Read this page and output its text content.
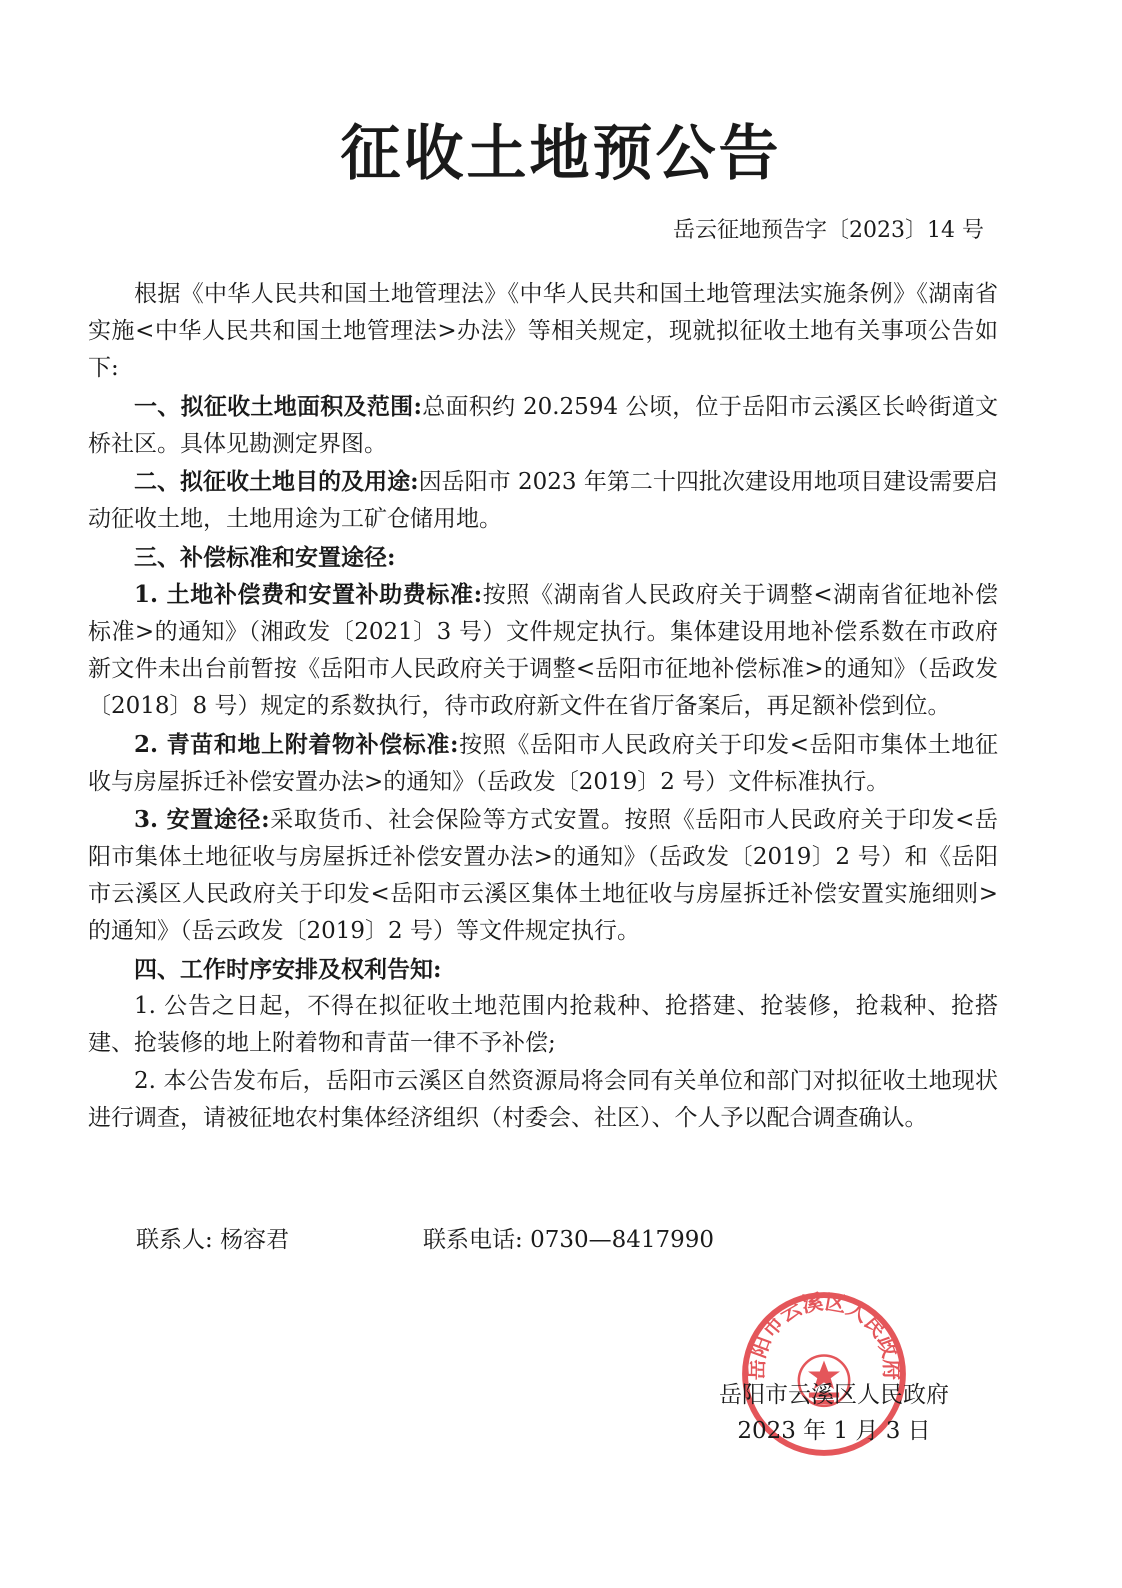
征收土地预公告
岳云征地预告字〔2023〕14 号

根据《中华人民共和国土地管理法》《中华人民共和国土地管理法实施条例》《湖南省实施<中华人民共和国土地管理法>办法》等相关规定，现就拟征收土地有关事项公告如下:

一、拟征收土地面积及范围:总面积约 20.2594 公顷，位于岳阳市云溪区长岭街道文桥社区。具体见勘测定界图。

二、拟征收土地目的及用途:因岳阳市 2023 年第二十四批次建设用地项目建设需要启动征收土地，土地用途为工矿仓储用地。

三、补偿标准和安置途径:

1. 土地补偿费和安置补助费标准:按照《湖南省人民政府关于调整<湖南省征地补偿标准>的通知》（湘政发〔2021〕3 号）文件规定执行。集体建设用地补偿系数在市政府新文件未出台前暂按《岳阳市人民政府关于调整<岳阳市征地补偿标准>的通知》（岳政发〔2018〕8 号）规定的系数执行，待市政府新文件在省厅备案后，再足额补偿到位。

2. 青苗和地上附着物补偿标准:按照《岳阳市人民政府关于印发<岳阳市集体土地征收与房屋拆迁补偿安置办法>的通知》（岳政发〔2019〕2 号）文件标准执行。

3. 安置途径:采取货币、社会保险等方式安置。按照《岳阳市人民政府关于印发<岳阳市集体土地征收与房屋拆迁补偿安置办法>的通知》（岳政发〔2019〕2 号）和《岳阳市云溪区人民政府关于印发<岳阳市云溪区集体土地征收与房屋拆迁补偿安置实施细则>的通知》（岳云政发〔2019〕2 号）等文件规定执行。

四、工作时序安排及权利告知:

1. 公告之日起，不得在拟征收土地范围内抢栽种、抢搭建、抢装修，抢栽种、抢搭建、抢装修的地上附着物和青苗一律不予补偿;

2. 本公告发布后，岳阳市云溪区自然资源局将会同有关单位和部门对拟征收土地现状进行调查，请被征地农村集体经济组织（村委会、社区）、个人予以配合调查确认。

联系人: 杨容君	联系电话: 0730—8417990
岳阳市云溪区人民政府
岳阳市云溪区人民政府
2023 年 1 月 3 日
